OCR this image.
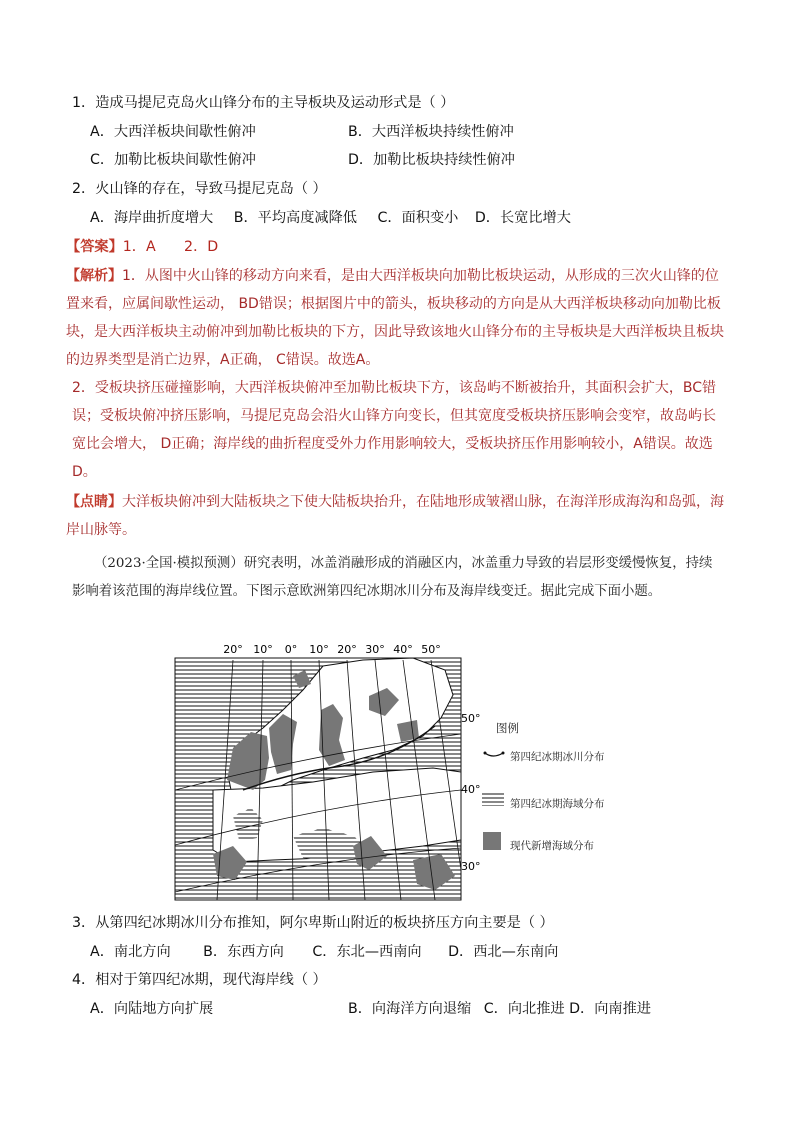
1．造成马提尼克岛火山锋分布的主导板块及运动形式是（ ）
A．大西洋板块间歇性俯冲	B．大西洋板块持续性俯冲
C．加勒比板块间歇性俯冲	D．加勒比板块持续性俯冲
2．火山锋的存在，导致马提尼克岛（ ）
A．海岸曲折度增大 B．平均高度减降低 C．面积变小 D．长宽比增大
【答案】1．A　　2．D

【解析】1．从图中火山锋的移动方向来看，是由大西洋板块向加勒比板块运动，从形成的三次火山锋的位置来看，应属间歇性运动， BD错误；根据图片中的箭头，板块移动的方向是从大西洋板块移动向加勒比板块，是大西洋板块主动俯冲到加勒比板块的下方，因此导致该地火山锋分布的主导板块是大西洋板块且板块的边界类型是消亡边界，A正确， C错误。故选A。

2．受板块挤压碰撞影响，大西洋板块俯冲至加勒比板块下方，该岛屿不断被抬升，其面积会扩大，BC错误；受板块俯冲挤压影响，马提尼克岛会沿火山锋方向变长，但其宽度受板块挤压影响会变窄，故岛屿长宽比会增大， D正确；海岸线的曲折程度受外力作用影响较大，受板块挤压作用影响较小，A错误。故选D。

【点睛】大洋板块俯冲到大陆板块之下使大陆板块抬升，在陆地形成皱褶山脉，在海洋形成海沟和岛弧，海岸山脉等。

（2023·全国·模拟预测）研究表明，冰盖消融形成的消融区内，冰盖重力导致的岩层形变缓慢恢复，持续影响着该范围的海岸线位置。下图示意欧洲第四纪冰期冰川分布及海岸线变迁。据此完成下面小题。
20° 10° 0° 10° 20° 30° 40° 50°
50°
40°
30°
图例
第四纪冰期冰川分布
第四纪冰期海域分布
现代新增海域分布
3．从第四纪冰期冰川分布推知，阿尔卑斯山附近的板块挤压方向主要是（ ）
A．南北方向 B．东西方向 C．东北—西南向 D．西北—东南向
4．相对于第四纪冰期，现代海岸线（ ）
A．向陆地方向扩展	B．向海洋方向退缩 C．向北推进 D．向南推进
